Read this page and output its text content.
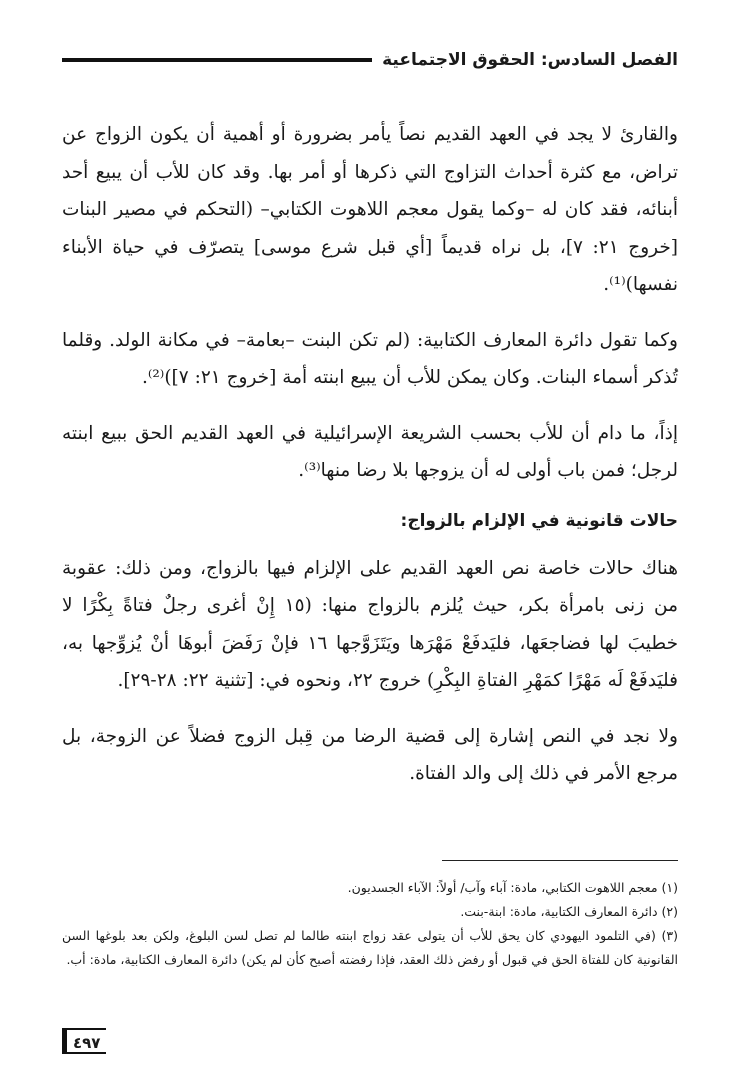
الفصل السادس: الحقوق الاجتماعية

والقارئ لا يجد في العهد القديم نصاً يأمر بضرورة أو أهمية أن يكون الزواج عن تراض، مع كثرة أحداث التزاوج التي ذكرها أو أمر بها. وقد كان للأب أن يبيع أحد أبنائه، فقد كان له –وكما يقول معجم اللاهوت الكتابي– (التحكم في مصير البنات [خروج ٢١: ٧]، بل نراه قديماً [أي قبل شرع موسى] يتصرّف في حياة الأبناء نفسها)⁽¹⁾.

وكما تقول دائرة المعارف الكتابية: (لم تكن البنت –بعامة– في مكانة الولد. وقلما تُذكر أسماء البنات. وكان يمكن للأب أن يبيع ابنته أمة [خروج ٢١: ٧])⁽²⁾.

إذاً، ما دام أن للأب بحسب الشريعة الإسرائيلية في العهد القديم الحق ببيع ابنته لرجل؛ فمن باب أولى له أن يزوجها بلا رضا منها⁽³⁾.

حالات قانونية في الإلزام بالزواج:

هناك حالات خاصة نص العهد القديم على الإلزام فيها بالزواج، ومن ذلك: عقوبة من زنى بامرأة بكر، حيث يُلزم بالزواج منها: (١٥ إِنْ أغرى رجلٌ فتاةً بِكْرًا لا خطيبَ لها فضاجعَها، فليَدفَعْ مَهْرَها ويَتَزَوَّجها ١٦ فإنْ رَفَضَ أبوهَا أنْ يُزوِّجها به، فليَدفَعْ لَه مَهْرًا كمَهْرِ الفتاةِ البِكْرِ) خروج ٢٢، ونحوه في: [تثنية ٢٢: ٢٨-٢٩].

ولا نجد في النص إشارة إلى قضية الرضا من قِبل الزوج فضلاً عن الزوجة، بل مرجع الأمر في ذلك إلى والد الفتاة.

(١) معجم اللاهوت الكتابي، مادة: آباء وآب/ أولاً: الآباء الجسديون.

(٢) دائرة المعارف الكتابية، مادة: ابنة-بنت.

(٣) (في التلمود اليهودي كان يحق للأب أن يتولى عقد زواج ابنته طالما لم تصل لسن البلوغ، ولكن بعد بلوغها السن القانونية كان للفتاة الحق في قبول أو رفض ذلك العقد، فإذا رفضته أصبح كأن لم يكن) دائرة المعارف الكتابية، مادة: أب.

٤٩٧
